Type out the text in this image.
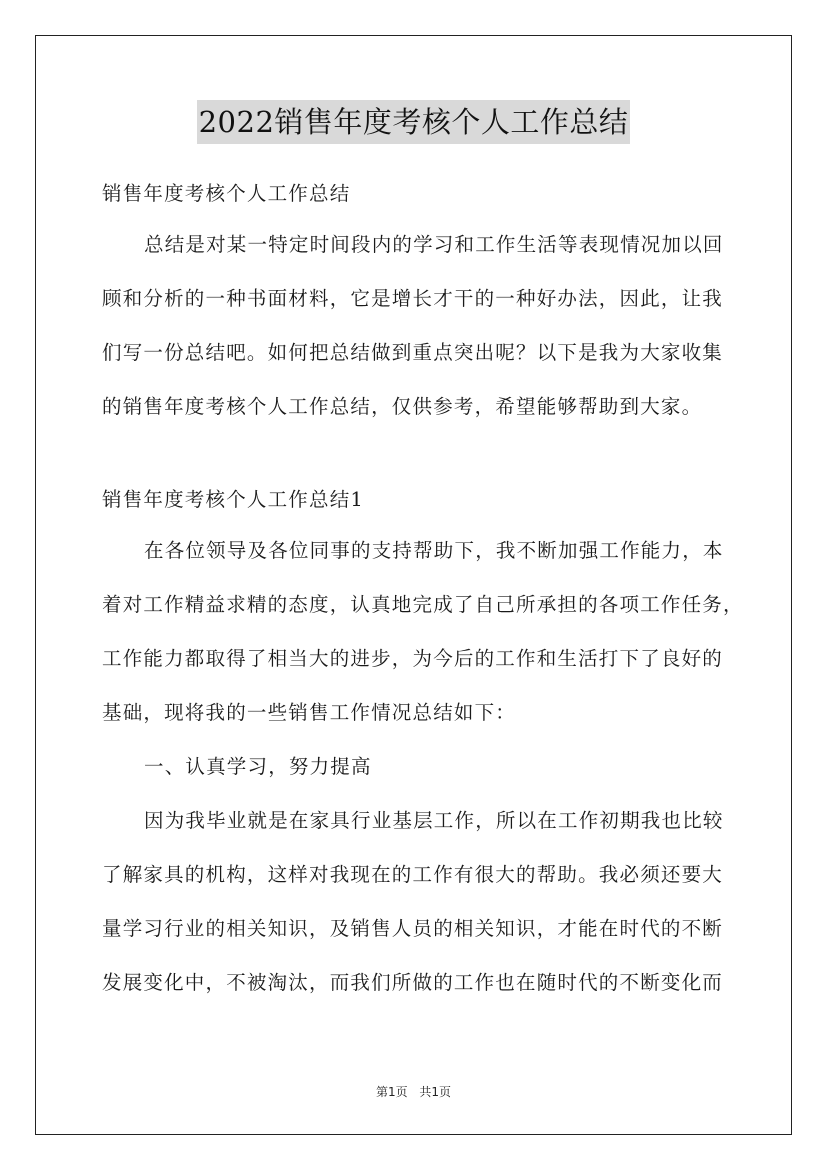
2022销售年度考核个人工作总结

销售年度考核个人工作总结

总结是对某一特定时间段内的学习和工作生活等表现情况加以回

顾和分析的一种书面材料，它是增长才干的一种好办法，因此，让我

们写一份总结吧。如何把总结做到重点突出呢？以下是我为大家收集

的销售年度考核个人工作总结，仅供参考，希望能够帮助到大家。

销售年度考核个人工作总结1

在各位领导及各位同事的支持帮助下，我不断加强工作能力，本

着对工作精益求精的态度，认真地完成了自己所承担的各项工作任务，

工作能力都取得了相当大的进步，为今后的工作和生活打下了良好的

基础，现将我的一些销售工作情况总结如下：

一、认真学习，努力提高

因为我毕业就是在家具行业基层工作，所以在工作初期我也比较

了解家具的机构，这样对我现在的工作有很大的帮助。我必须还要大

量学习行业的相关知识，及销售人员的相关知识，才能在时代的不断

发展变化中，不被淘汰，而我们所做的工作也在随时代的不断变化而

第1页 共1页
